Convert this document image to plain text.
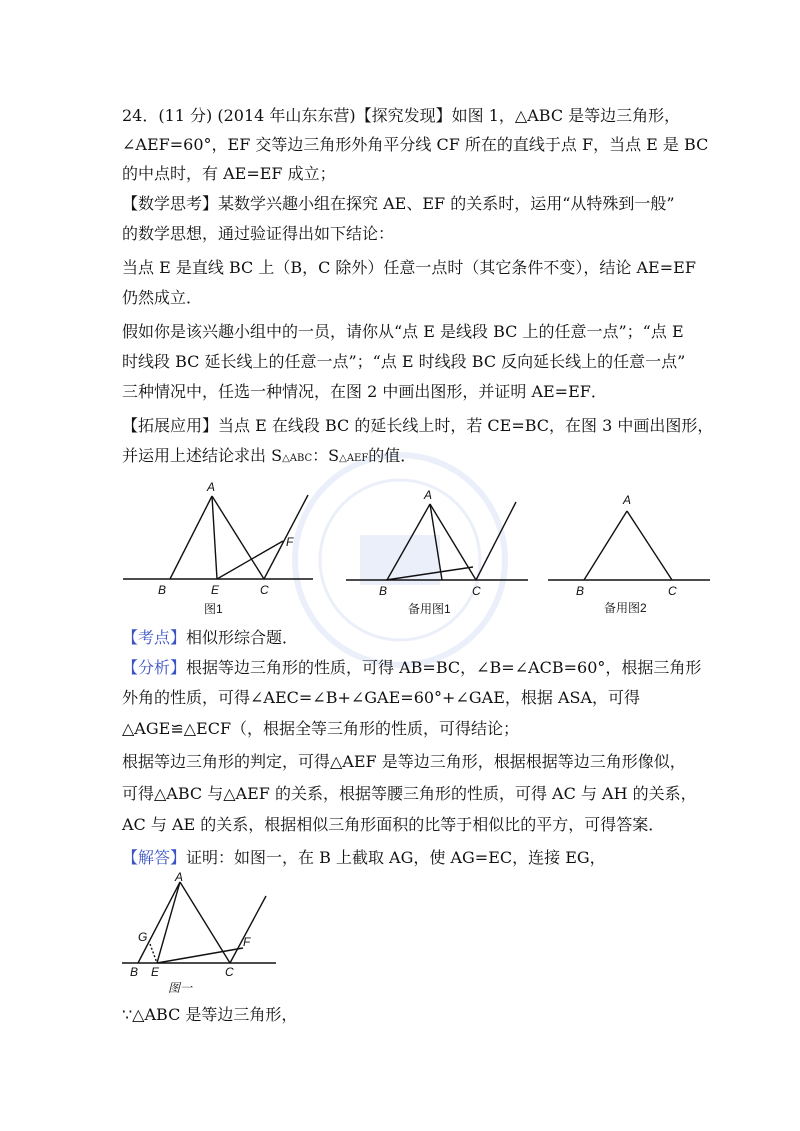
24．(11 分) (2014 年山东东营)【探究发现】如图 1，△ABC 是等边三角形，
∠AEF=60°，EF 交等边三角形外角平分线 CF 所在的直线于点 F，当点 E 是 BC
的中点时，有 AE=EF 成立；
【数学思考】某数学兴趣小组在探究 AE、EF 的关系时，运用“从特殊到一般”
的数学思想，通过验证得出如下结论：
当点 E 是直线 BC 上（B，C 除外）任意一点时（其它条件不变），结论 AE=EF
仍然成立．
假如你是该兴趣小组中的一员，请你从“点 E 是线段 BC 上的任意一点”；“点 E
时线段 BC 延长线上的任意一点”；“点 E 时线段 BC 反向延长线上的任意一点”
三种情况中，任选一种情况，在图 2 中画出图形，并证明 AE=EF．
【拓展应用】当点 E 在线段 BC 的延长线上时，若 CE=BC，在图 3 中画出图形，
并运用上述结论求出 S△ABC：S△AEF的值．
A
B	E	C
F
图1
A
B	C
备用图1
A
B	C
备用图2
【考点】相似形综合题．
【分析】根据等边三角形的性质，可得 AB=BC，∠B=∠ACB=60°，根据三角形
外角的性质，可得∠AEC=∠B+∠GAE=60°+∠GAE，根据 ASA，可得
△AGE≌△ECF（，根据全等三角形的性质，可得结论；
根据等边三角形的判定，可得△AEF 是等边三角形，根据根据等边三角形像似，
可得△ABC 与△AEF 的关系，根据等腰三角形的性质，可得 AC 与 AH 的关系，
AC 与 AE 的关系，根据相似三角形面积的比等于相似比的平方，可得答案．
【解答】证明：如图一，在 B 上截取 AG，使 AG=EC，连接 EG，
A
G
B E	C
F
图一
∵△ABC 是等边三角形，
